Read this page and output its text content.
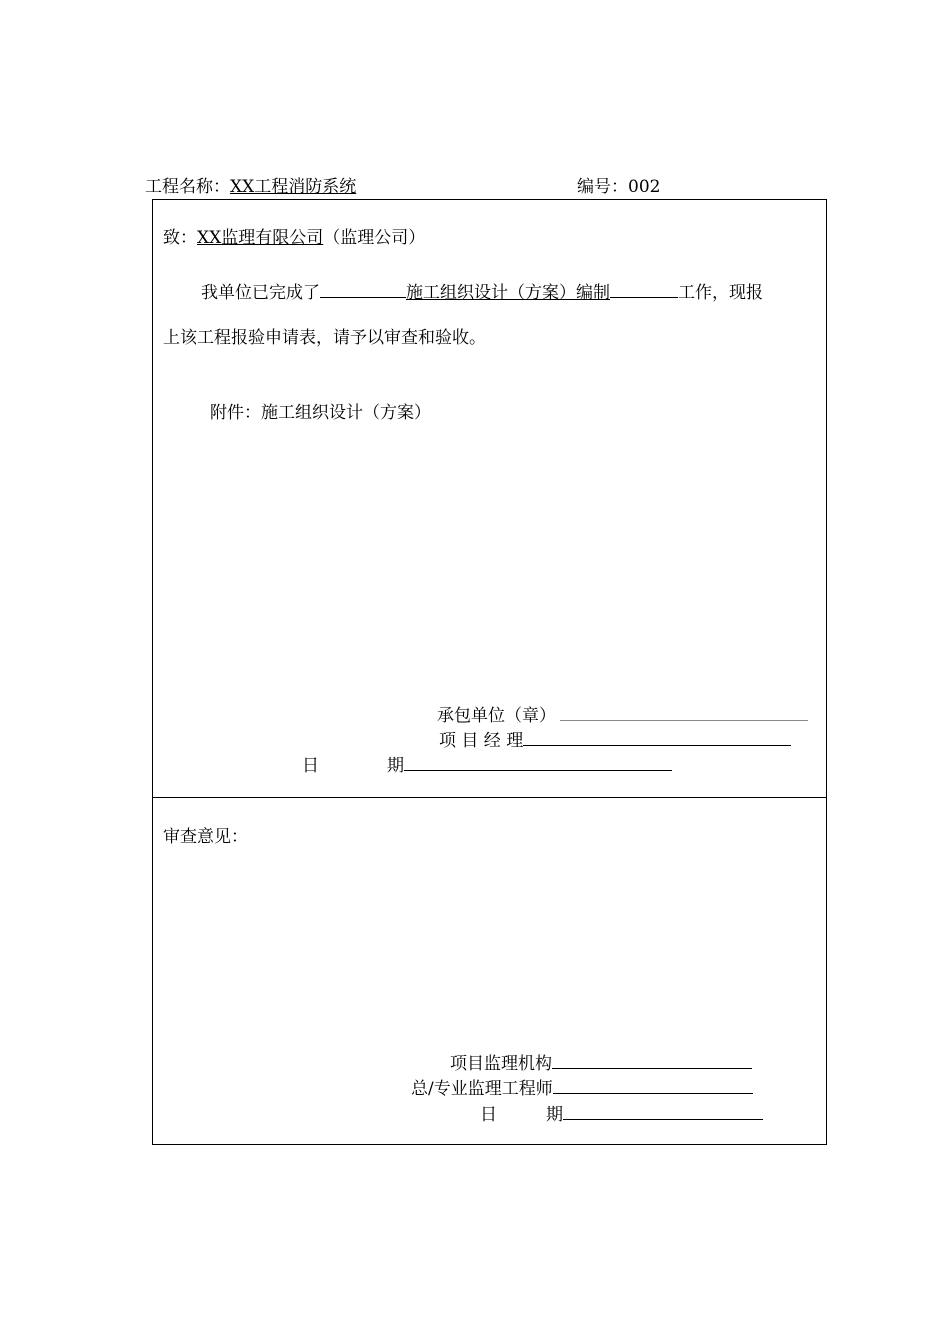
工程名称：XX工程消防系统	编号：002
致：XX监理有限公司（监理公司）
我单位已完成了	施工组织设计（方案）编制	工作，现报
上该工程报验申请表，请予以审查和验收。
附件：施工组织设计（方案）
承包单位（章）
项 目 经 理
日	期
审查意见：
项目监理机构
总/专业监理工程师
日	期
